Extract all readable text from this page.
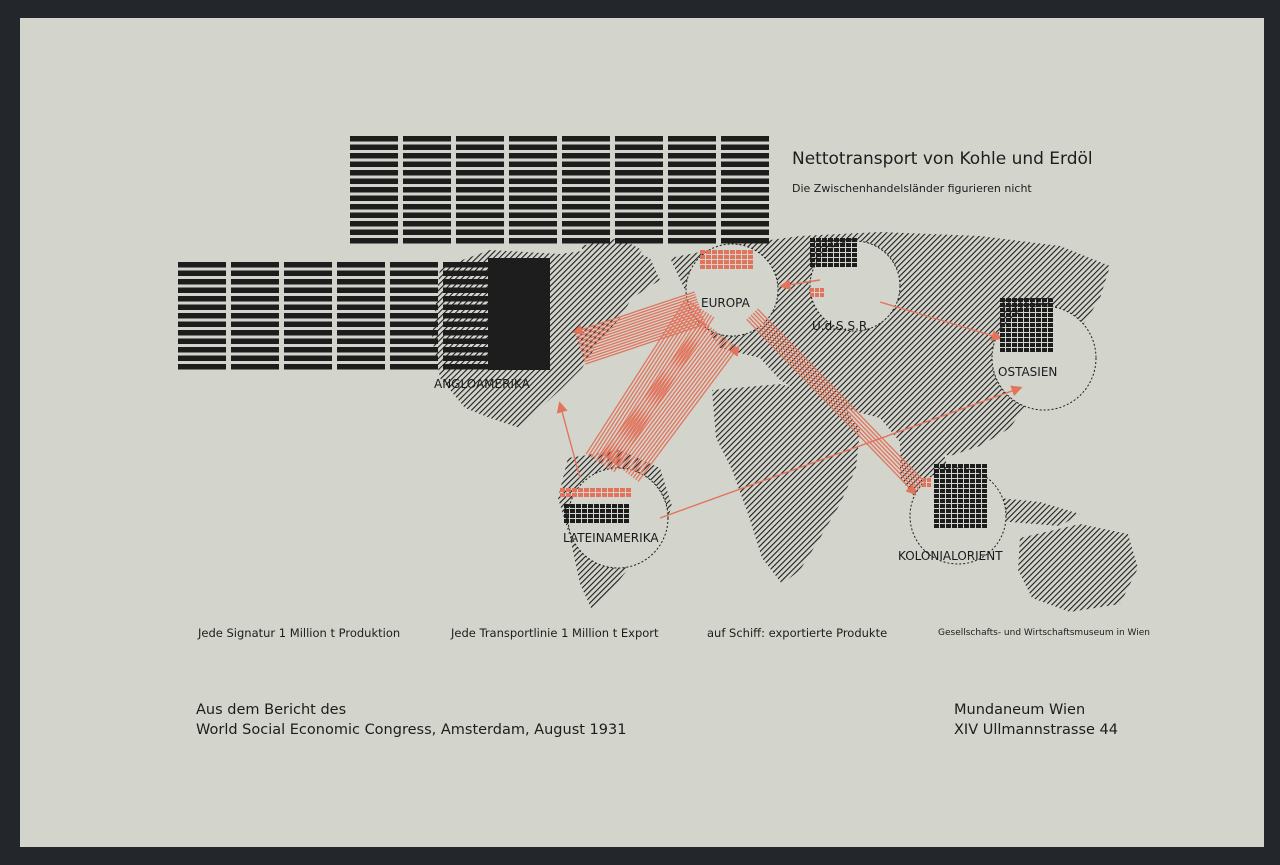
EUROPA
U.d.S.S.R.
ANGLOAMERIKA
LATEINAMERIKA
OSTASIEN
KOLONIALORIENT

Nettotransport von Kohle und Erdöl

Die Zwischenhandelsländer figurieren nicht

Jede Signatur 1 Million t Produktion	Jede Transportlinie 1 Million t Export	auf Schiff: exportierte Produkte	Gesellschafts- und Wirtschaftsmuseum in Wien

Aus dem Bericht des
World Social Economic Congress, Amsterdam, August 1931
Mundaneum Wien
XIV Ullmannstrasse 44
